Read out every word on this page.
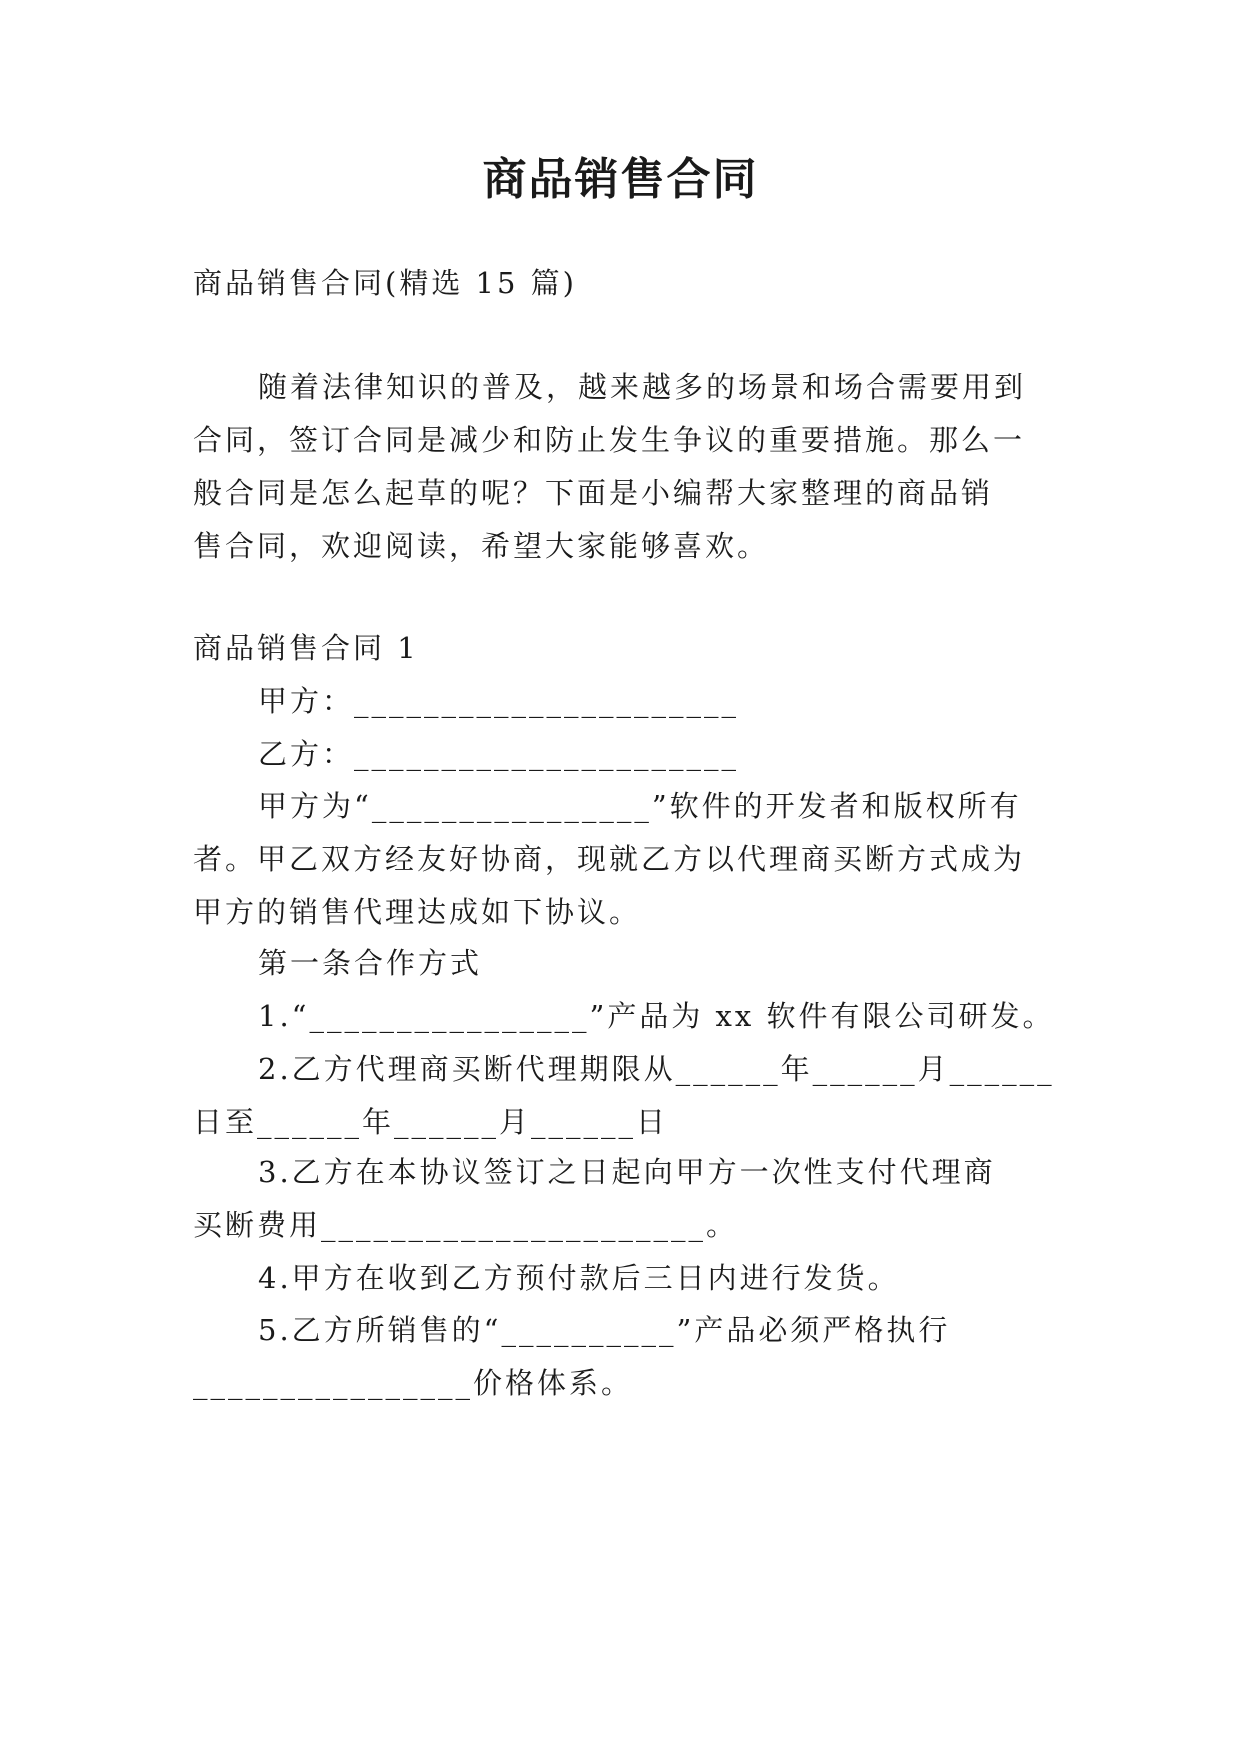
商品销售合同

商品销售合同(精选 15 篇)

随着法律知识的普及，越来越多的场景和场合需要用到

合同，签订合同是减少和防止发生争议的重要措施。那么一

般合同是怎么起草的呢？下面是小编帮大家整理的商品销

售合同，欢迎阅读，希望大家能够喜欢。

商品销售合同 1

甲方：______________________

乙方：______________________

甲方为“________________”软件的开发者和版权所有

者。甲乙双方经友好协商，现就乙方以代理商买断方式成为

甲方的销售代理达成如下协议。

第一条合作方式

1.“________________”产品为 xx 软件有限公司研发。

2.乙方代理商买断代理期限从______年______月______

日至______年______月______日

3.乙方在本协议签订之日起向甲方一次性支付代理商

买断费用______________________。

4.甲方在收到乙方预付款后三日内进行发货。

5.乙方所销售的“__________”产品必须严格执行

________________价格体系。
